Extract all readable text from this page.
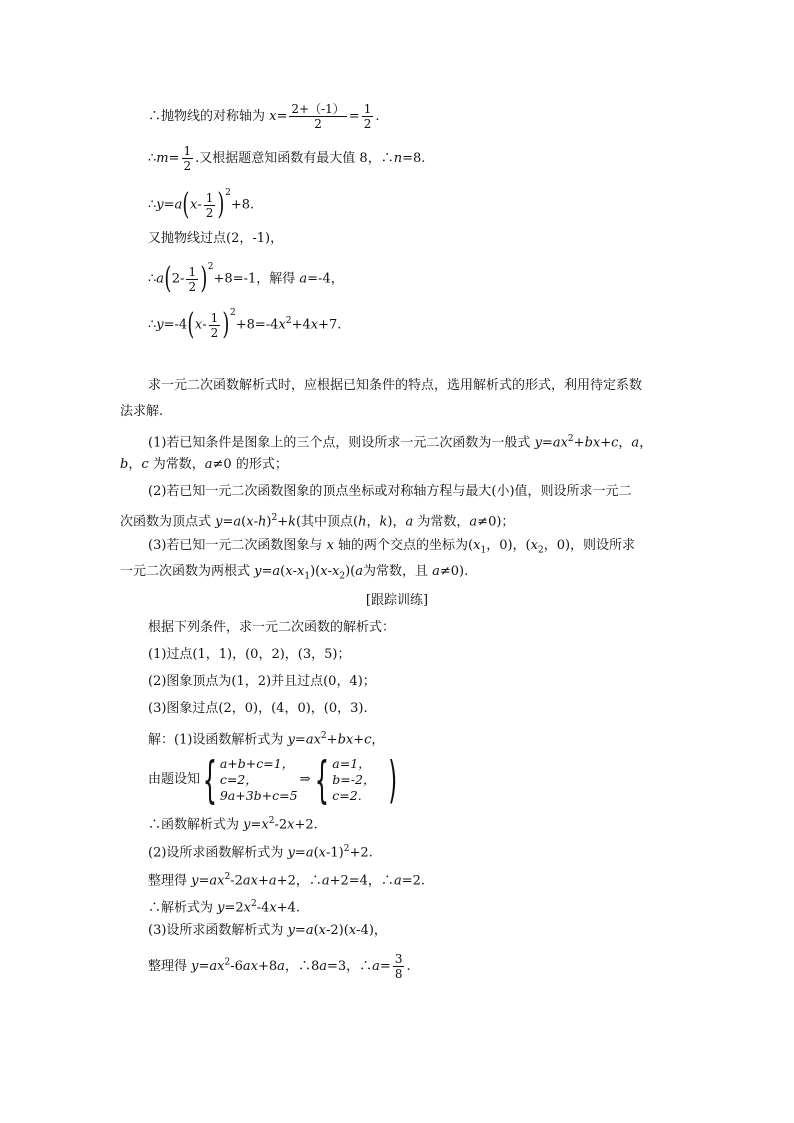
∴抛物线的对称轴为 $x= \frac{2+(-1)}{2} = \frac{1}{2}$ .
∴m= $\frac{1}{2}$ .又根据题意知函数有最大值 8，∴n=8.
∴y=a(x- $\frac{1}{2} )^2+8$.
又抛物线过点(2，-1)，
∴a(2- $\frac{1}{2} )^2+8=-1$，解得 a=-4，
∴y=-4(x- $\frac{1}{2} )^2+8=-4x^2+4x+7$.
求一元二次函数解析式时，应根据已知条件的特点，选用解析式的形式，利用待定系数
法求解.
(1)若已知条件是图象上的三个点，则设所求一元二次函数为一般式 $y=ax^2+bx+c$，a，
b，c 为常数，a≠0 的形式；
(2)若已知一元二次函数图象的顶点坐标或对称轴方程与最大(小)值，则设所求一元二
次函数为顶点式 $y=a(x-h)^2+k$(其中顶点(h，k)，a 为常数，a≠0)；
(3)若已知一元二次函数图象与 x 轴的两个交点的坐标为($x_1$，0)，($x_2$，0)，则设所求
一元二次函数为两根式 $y=a(x-x_1)(x-x_2)(a$为常数，且 a≠0).
[跟踪训练]
根据下列条件，求一元二次函数的解析式：
(1)过点(1，1)，(0，2)，(3，5)；
(2)图象顶点为(1，2)并且过点(0，4)；
(3)图象过点(2，0)，(4，0)，(0，3).
解：(1)设函数解析式为 $y=ax^2+bx+c$，
由题设知{ a+b+c=1，
c=2，
9a+3b+c=5
⇒{ a=1，
b=-2，
c=2. )
∴函数解析式为 $y=x^2-2x+2$.
(2)设所求函数解析式为 $y=a(x-1)^2+2$.
整理得 $y=ax^2-2ax+a+2$，∴a+2=4，∴a=2.
∴解析式为 $y=2x^2-4x+4$.
(3)设所求函数解析式为 y=a(x-2)(x-4)，
整理得 $y=ax^2-6ax+8a$，∴8a=3，∴a= $\frac{3}{8}$ .
